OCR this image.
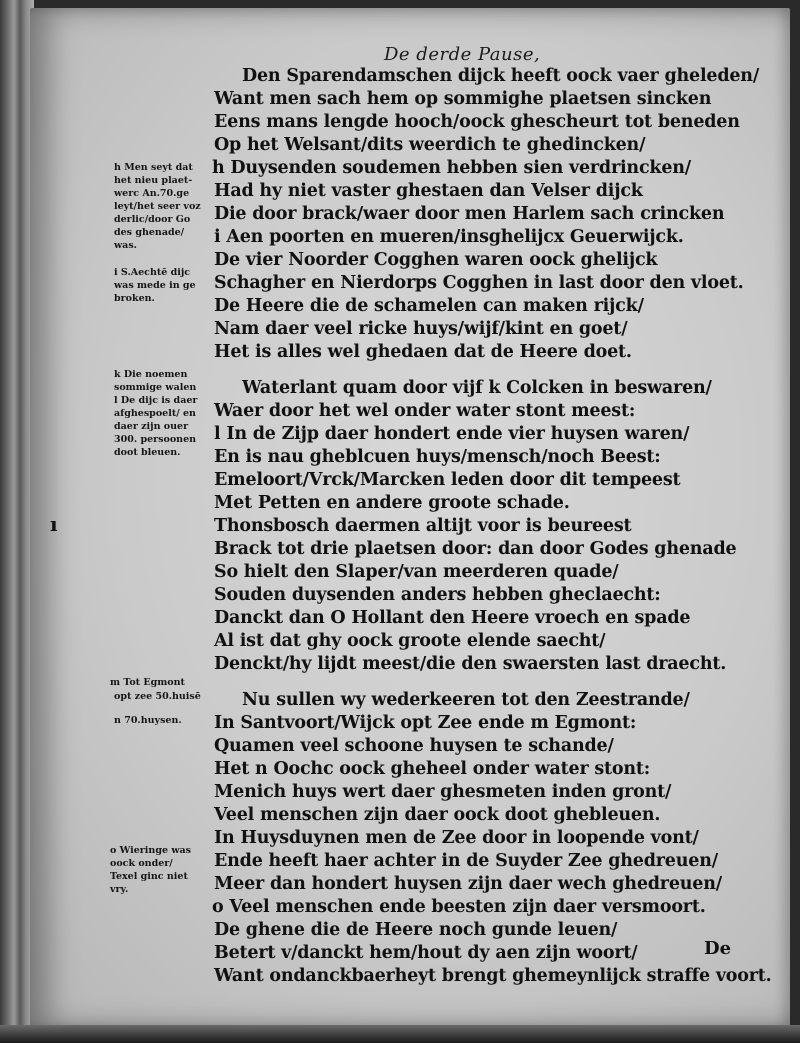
De derde Pause,
Den Sparendamschen dijck heeft oock vaer gheleden/
Want men sach hem op sommighe plaetsen sincken
Eens mans lengde hooch/oock ghescheurt tot beneden
Op het Welsant/dits weerdich te ghedincken/
h Duysenden soudemen hebben sien verdrincken/
Had hy niet vaster ghestaen dan Velser dijck
Die door brack/waer door men Harlem sach crincken
i Aen poorten en mueren/insghelijcx Geuerwijck.
De vier Noorder Cogghen waren oock ghelijck
Schagher en Nierdorps Cogghen in last door den vloet.
De Heere die de schamelen can maken rijck/
Nam daer veel ricke huys/wijf/kint en goet/
Het is alles wel ghedaen dat de Heere doet.
Waterlant quam door vijf k Colcken in beswaren/
Waer door het wel onder water stont meest:
l In de Zijp daer hondert ende vier huysen waren/
En is nau gheblcuen huys/mensch/noch Beest:
Emeloort/Vrck/Marcken leden door dit tempeest
Met Petten en andere groote schade.
Thonsbosch daermen altijt voor is beureest
Brack tot drie plaetsen door: dan door Godes ghenade
So hielt den Slaper/van meerderen quade/
Souden duysenden anders hebben gheclaecht:
Danckt dan O Hollant den Heere vroech en spade
Al ist dat ghy oock groote elende saecht/
Denckt/hy lijdt meest/die den swaersten last draecht.
Nu sullen wy wederkeeren tot den Zeestrande/
In Santvoort/Wijck opt Zee ende m Egmont:
Quamen veel schoone huysen te schande/
Het n Oochc oock gheheel onder water stont:
Menich huys wert daer ghesmeten inden gront/
Veel menschen zijn daer oock doot ghebleuen.
In Huysduynen men de Zee door in loopende vont/
Ende heeft haer achter in de Suyder Zee ghedreuen/
Meer dan hondert huysen zijn daer wech ghedreuen/
o Veel menschen ende beesten zijn daer versmoort.
De ghene die de Heere noch gunde leuen/
Betert v/danckt hem/hout dy aen zijn woort/
Want ondanckbaerheyt brengt ghemeynlijck straffe voort.
h Men seyt dat
het nieu plaet-
werc An.70.ge
leyt/het seer voz
derlic/door Go
des ghenade/
was.
i S.Aechtē dijc
was mede in ge
broken.
k Die noemen
sommige walen
l De dijc is daer
afghespoelt/ en
daer zijn ouer
300. persoonen
doot bleuen.
m Tot Egmont
opt zee 50.huisē
n 70.huysen.
o Wieringe was
oock onder/
Texel ginc niet
vry.
ı
De
